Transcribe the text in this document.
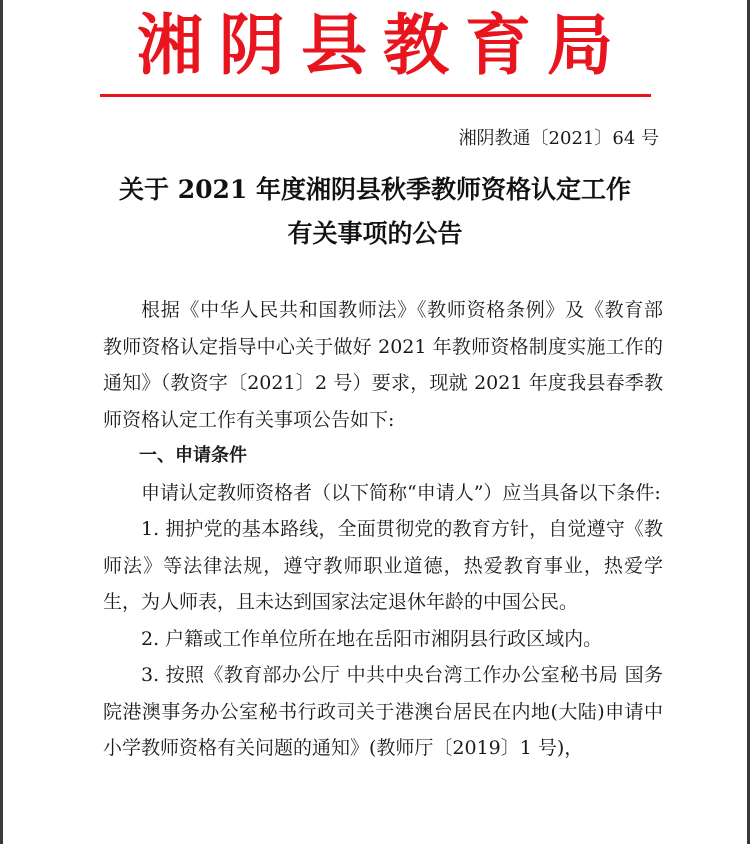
湘阴县教育局
湘阴教通〔2021〕64 号
关于 2021 年度湘阴县秋季教师资格认定工作
有关事项的公告

根据《中华人民共和国教师法》《教师资格条例》及《教育部教师资格认定指导中心关于做好 2021 年教师资格制度实施工作的通知》（教资字〔2021〕2 号）要求，现就 2021 年度我县春季教师资格认定工作有关事项公告如下:

一、申请条件

申请认定教师资格者（以下简称“申请人”）应当具备以下条件:

1. 拥护党的基本路线，全面贯彻党的教育方针，自觉遵守《教师法》等法律法规，遵守教师职业道德，热爱教育事业，热爱学生，为人师表，且未达到国家法定退休年龄的中国公民。

2. 户籍或工作单位所在地在岳阳市湘阴县行政区域内。

3. 按照《教育部办公厅 中共中央台湾工作办公室秘书局 国务院港澳事务办公室秘书行政司关于港澳台居民在内地(大陆)申请中小学教师资格有关问题的通知》(教师厅〔2019〕1 号)，
